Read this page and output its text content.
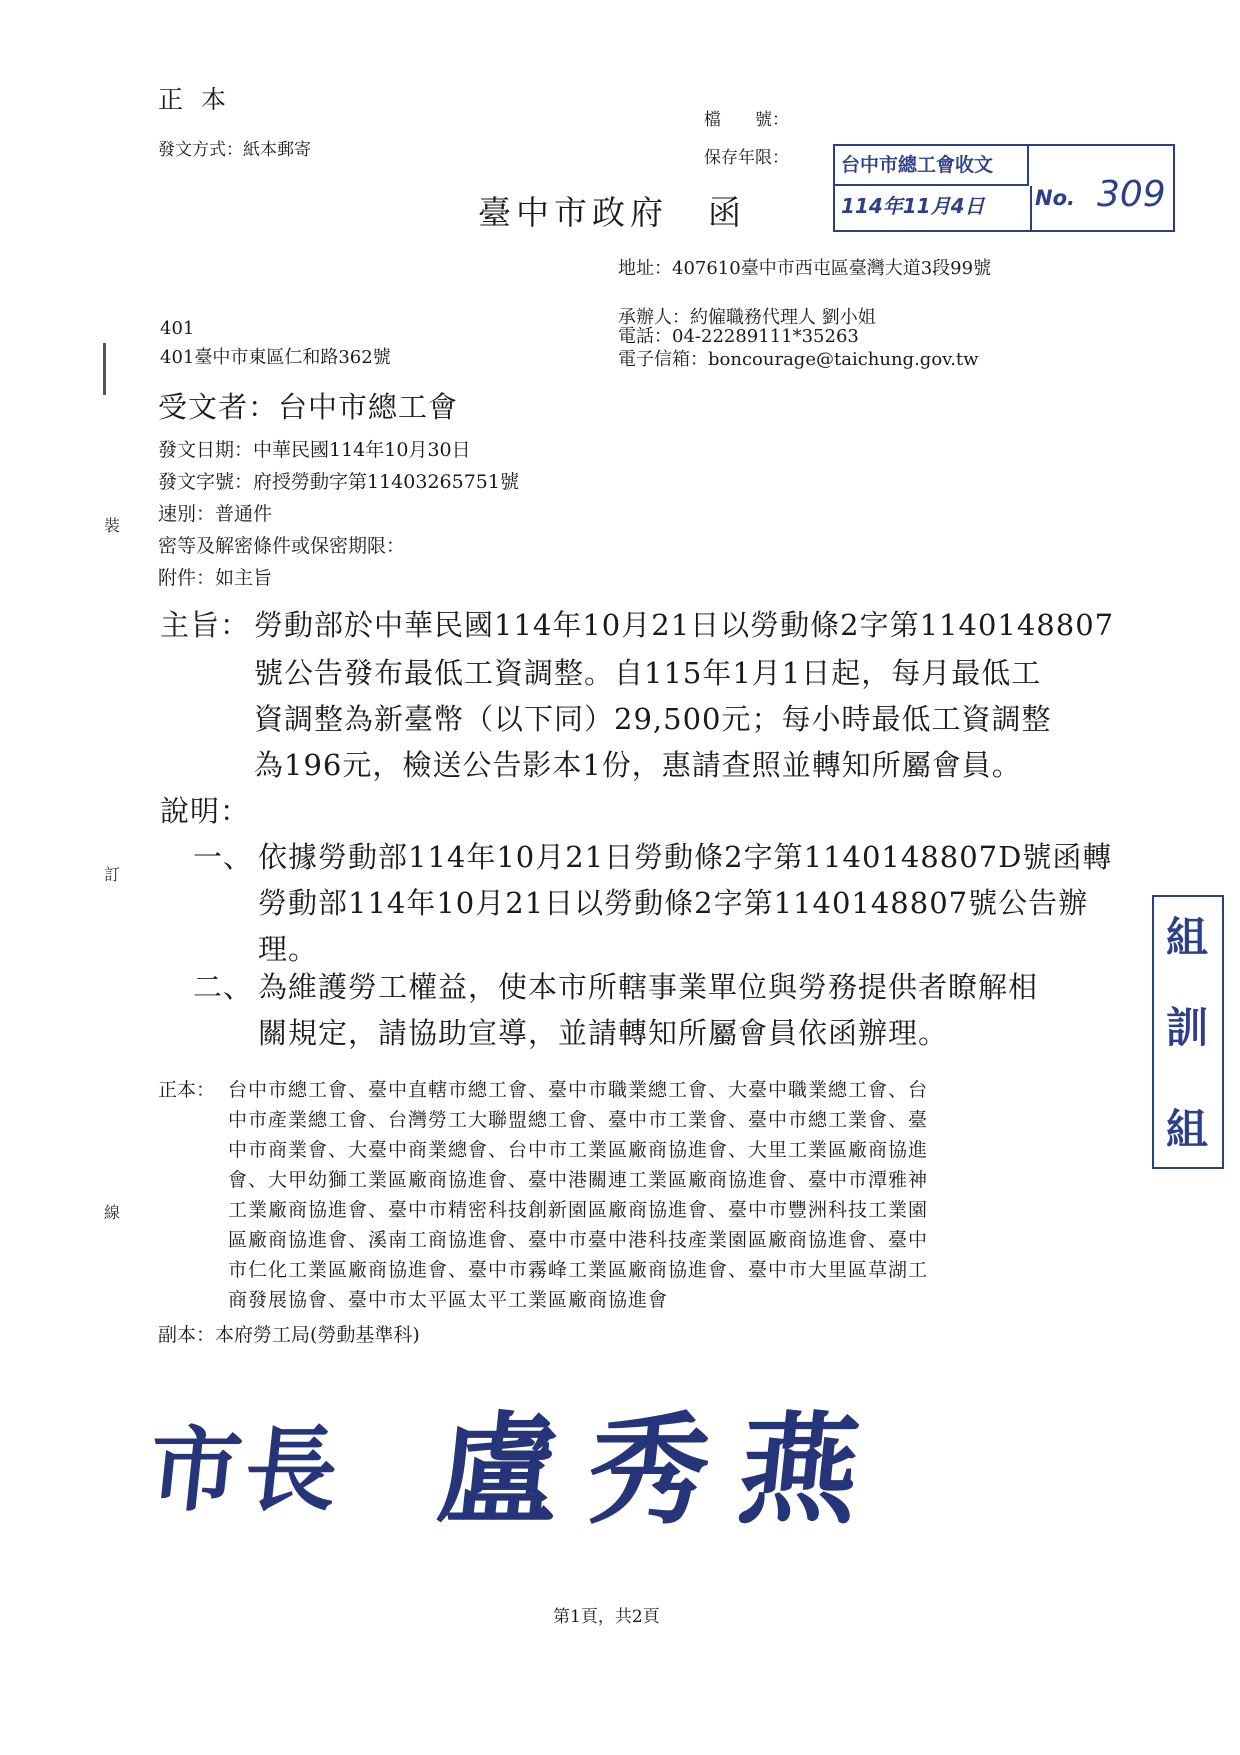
正本
發文方式：紙本郵寄
檔　　號：
保存年限：	台中市總工會收文
114年11月4日 No. 309
臺中市政府 函
地址：407610臺中市西屯區臺灣大道3段99號
承辦人：約僱職務代理人 劉小姐
電話：04-22289111*35263
電子信箱：boncourage@taichung.gov.tw
401
401臺中市東區仁和路362號
受文者：台中市總工會
發文日期：中華民國114年10月30日
發文字號：府授勞動字第11403265751號
速別：普通件
密等及解密條件或保密期限：
附件：如主旨
裝
訂
線
主旨： 勞動部於中華民國114年10月21日以勞動條2字第1140148807
號公告發布最低工資調整。自115年1月1日起，每月最低工
資調整為新臺幣（以下同）29,500元；每小時最低工資調整
為196元，檢送公告影本1份，惠請查照並轉知所屬會員。
說明：
一、 依據勞動部114年10月21日勞動條2字第1140148807D號函轉
勞動部114年10月21日以勞動條2字第1140148807號公告辦
理。
二、 為維護勞工權益，使本市所轄事業單位與勞務提供者瞭解相
關規定，請協助宣導，並請轉知所屬會員依函辦理。
正本： 台中市總工會、臺中直轄市總工會、臺中市職業總工會、大臺中職業總工會、台
中市產業總工會、台灣勞工大聯盟總工會、臺中市工業會、臺中市總工業會、臺
中市商業會、大臺中商業總會、台中市工業區廠商協進會、大里工業區廠商協進
會、大甲幼獅工業區廠商協進會、臺中港關連工業區廠商協進會、臺中市潭雅神
工業廠商協進會、臺中市精密科技創新園區廠商協進會、臺中市豐洲科技工業園
區廠商協進會、溪南工商協進會、臺中市臺中港科技產業園區廠商協進會、臺中
市仁化工業區廠商協進會、臺中市霧峰工業區廠商協進會、臺中市大里區草湖工
商發展協會、臺中市太平區太平工業區廠商協進會
副本：本府勞工局(勞動基準科)
組
訓
組
市長 盧秀燕
第1頁，共2頁
